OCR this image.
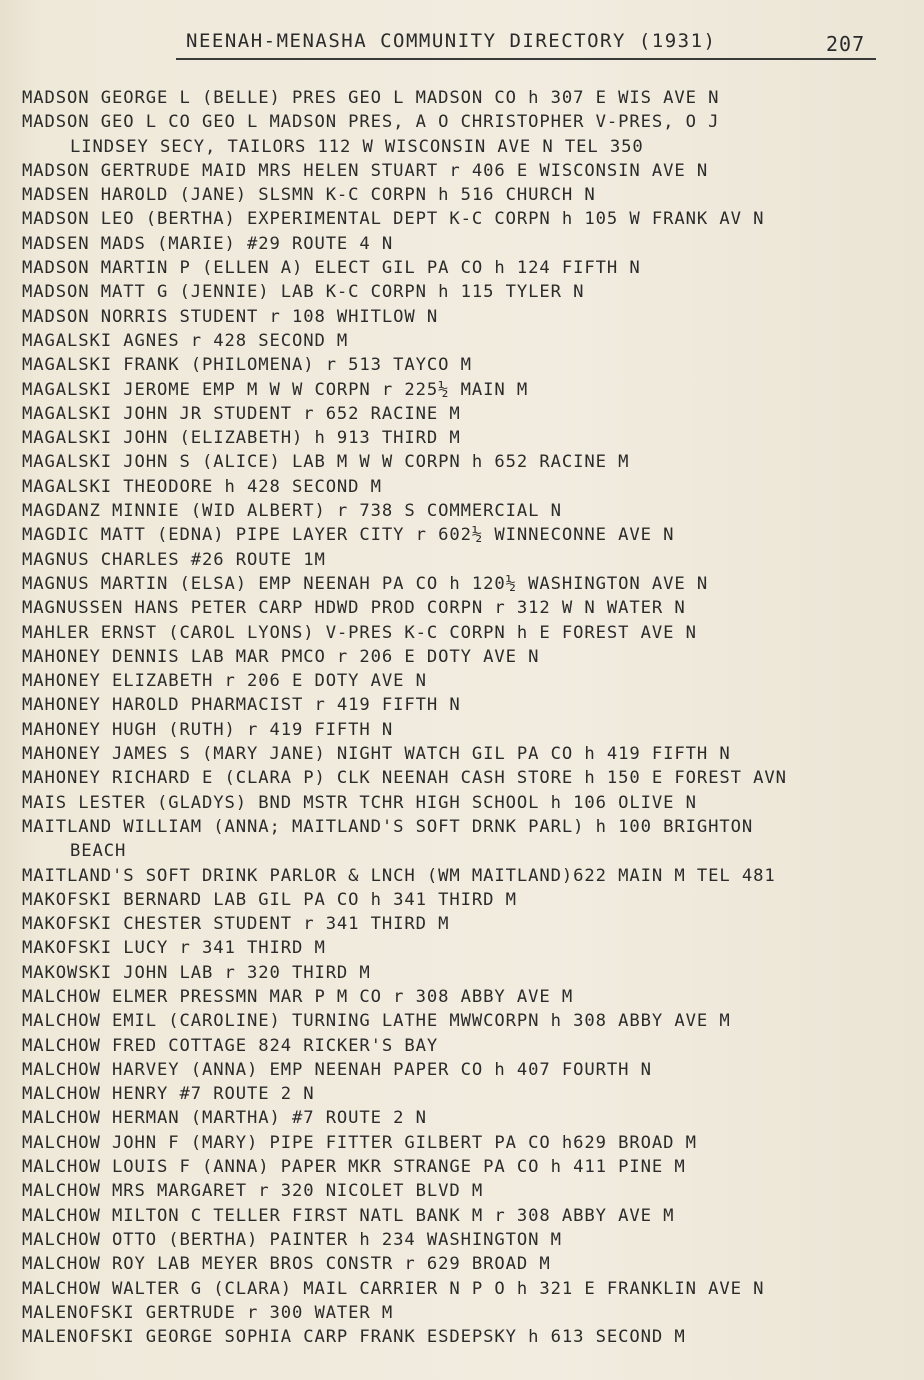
NEENAH-MENASHA COMMUNITY DIRECTORY (1931)	207
MADSON GEORGE L (BELLE) PRES GEO L MADSON CO h 307 E WIS AVE N
MADSON GEO L CO GEO L MADSON PRES, A O CHRISTOPHER V-PRES, O J
LINDSEY SECY, TAILORS 112 W WISCONSIN AVE N TEL 350
MADSON GERTRUDE MAID MRS HELEN STUART r 406 E WISCONSIN AVE N
MADSEN HAROLD (JANE) SLSMN K-C CORPN h 516 CHURCH N
MADSON LEO (BERTHA) EXPERIMENTAL DEPT K-C CORPN h 105 W FRANK AV N
MADSEN MADS (MARIE) #29 ROUTE 4 N
MADSON MARTIN P (ELLEN A) ELECT GIL PA CO h 124 FIFTH N
MADSON MATT G (JENNIE) LAB K-C CORPN h 115 TYLER N
MADSON NORRIS STUDENT r 108 WHITLOW N
MAGALSKI AGNES r 428 SECOND M
MAGALSKI FRANK (PHILOMENA) r 513 TAYCO M
MAGALSKI JEROME EMP M W W CORPN r 225½ MAIN M
MAGALSKI JOHN JR STUDENT r 652 RACINE M
MAGALSKI JOHN (ELIZABETH) h 913 THIRD M
MAGALSKI JOHN S (ALICE) LAB M W W CORPN h 652 RACINE M
MAGALSKI THEODORE h 428 SECOND M
MAGDANZ MINNIE (WID ALBERT) r 738 S COMMERCIAL N
MAGDIC MATT (EDNA) PIPE LAYER CITY r 602½ WINNECONNE AVE N
MAGNUS CHARLES #26 ROUTE 1M
MAGNUS MARTIN (ELSA) EMP NEENAH PA CO h 120½ WASHINGTON AVE N
MAGNUSSEN HANS PETER CARP HDWD PROD CORPN r 312 W N WATER N
MAHLER ERNST (CAROL LYONS) V-PRES K-C CORPN h E FOREST AVE N
MAHONEY DENNIS LAB MAR PMCO r 206 E DOTY AVE N
MAHONEY ELIZABETH r 206 E DOTY AVE N
MAHONEY HAROLD PHARMACIST r 419 FIFTH N
MAHONEY HUGH (RUTH) r 419 FIFTH N
MAHONEY JAMES S (MARY JANE) NIGHT WATCH GIL PA CO h 419 FIFTH N
MAHONEY RICHARD E (CLARA P) CLK NEENAH CASH STORE h 150 E FOREST AVN
MAIS LESTER (GLADYS) BND MSTR TCHR HIGH SCHOOL h 106 OLIVE N
MAITLAND WILLIAM (ANNA; MAITLAND'S SOFT DRNK PARL) h 100 BRIGHTON
BEACH
MAITLAND'S SOFT DRINK PARLOR & LNCH (WM MAITLAND)622 MAIN M TEL 481
MAKOFSKI BERNARD LAB GIL PA CO h 341 THIRD M
MAKOFSKI CHESTER STUDENT r 341 THIRD M
MAKOFSKI LUCY r 341 THIRD M
MAKOWSKI JOHN LAB r 320 THIRD M
MALCHOW ELMER PRESSMN MAR P M CO r 308 ABBY AVE M
MALCHOW EMIL (CAROLINE) TURNING LATHE MWWCORPN h 308 ABBY AVE M
MALCHOW FRED COTTAGE 824 RICKER'S BAY
MALCHOW HARVEY (ANNA) EMP NEENAH PAPER CO h 407 FOURTH N
MALCHOW HENRY #7 ROUTE 2 N
MALCHOW HERMAN (MARTHA) #7 ROUTE 2 N
MALCHOW JOHN F (MARY) PIPE FITTER GILBERT PA CO h629 BROAD M
MALCHOW LOUIS F (ANNA) PAPER MKR STRANGE PA CO h 411 PINE M
MALCHOW MRS MARGARET r 320 NICOLET BLVD M
MALCHOW MILTON C TELLER FIRST NATL BANK M r 308 ABBY AVE M
MALCHOW OTTO (BERTHA) PAINTER h 234 WASHINGTON M
MALCHOW ROY LAB MEYER BROS CONSTR r 629 BROAD M
MALCHOW WALTER G (CLARA) MAIL CARRIER N P O h 321 E FRANKLIN AVE N
MALENOFSKI GERTRUDE r 300 WATER M
MALENOFSKI GEORGE SOPHIA CARP FRANK ESDEPSKY h 613 SECOND M
